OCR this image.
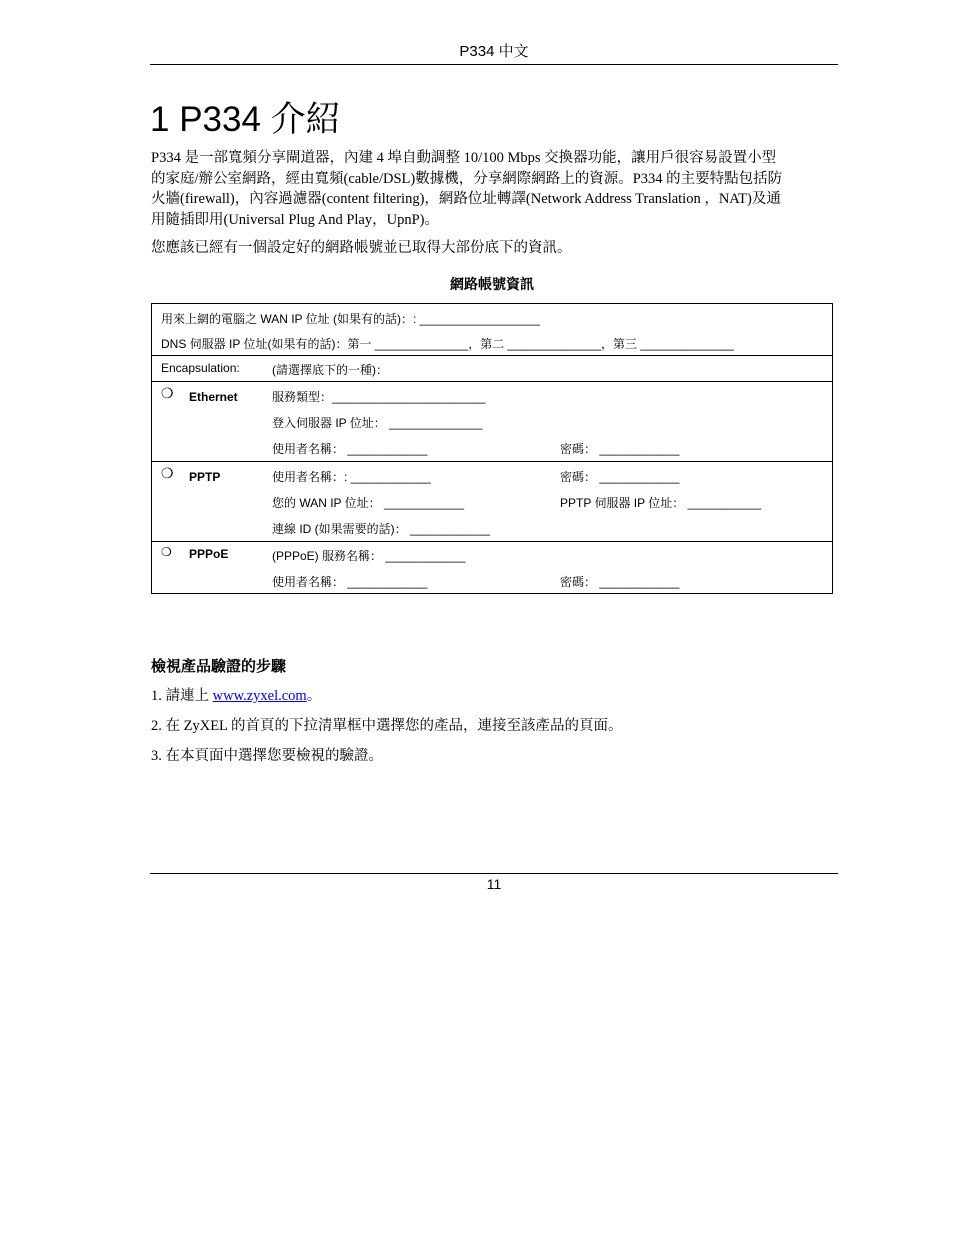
P334 中文
1 P334 介紹
P334 是一部寬頻分享閘道器，內建 4 埠自動調整 10/100 Mbps 交換器功能，讓用戶很容易設置小型
的家庭/辦公室網路，經由寬頻(cable/DSL)數據機，分享網際網路上的資源。P334 的主要特點包括防
火牆(firewall)，內容過濾器(content filtering)，網路位址轉譯(Network Address Translation ，NAT)及通
用隨插即用(Universal Plug And Play，UpnP)。
您應該已經有一個設定好的網路帳號並已取得大部份底下的資訊。
網路帳號資訊
用來上網的電腦之 WAN IP 位址 (如果有的話)：: __________________
DNS 伺服器 IP 位址(如果有的話)：第一 ______________，第二 ______________，第三 ______________
Encapsulation:	(請選擇底下的一種)：
❍ Ethernet	服務類型：_______________________
登入伺服器 IP 位址： ______________
使用者名稱： ____________	密碼： ____________
❍ PPTP	使用者名稱：: ____________	密碼： ____________
您的 WAN IP 位址： ____________	PPTP 伺服器 IP 位址： ___________
連線 ID (如果需要的話)： ____________
❍ PPPoE	(PPPoE) 服務名稱： ____________
使用者名稱： ____________	密碼： ____________
檢視產品驗證的步驟
1. 請連上 www.zyxel.com。
2. 在 ZyXEL 的首頁的下拉清單框中選擇您的產品，連接至該產品的頁面。
3. 在本頁面中選擇您要檢視的驗證。
11
